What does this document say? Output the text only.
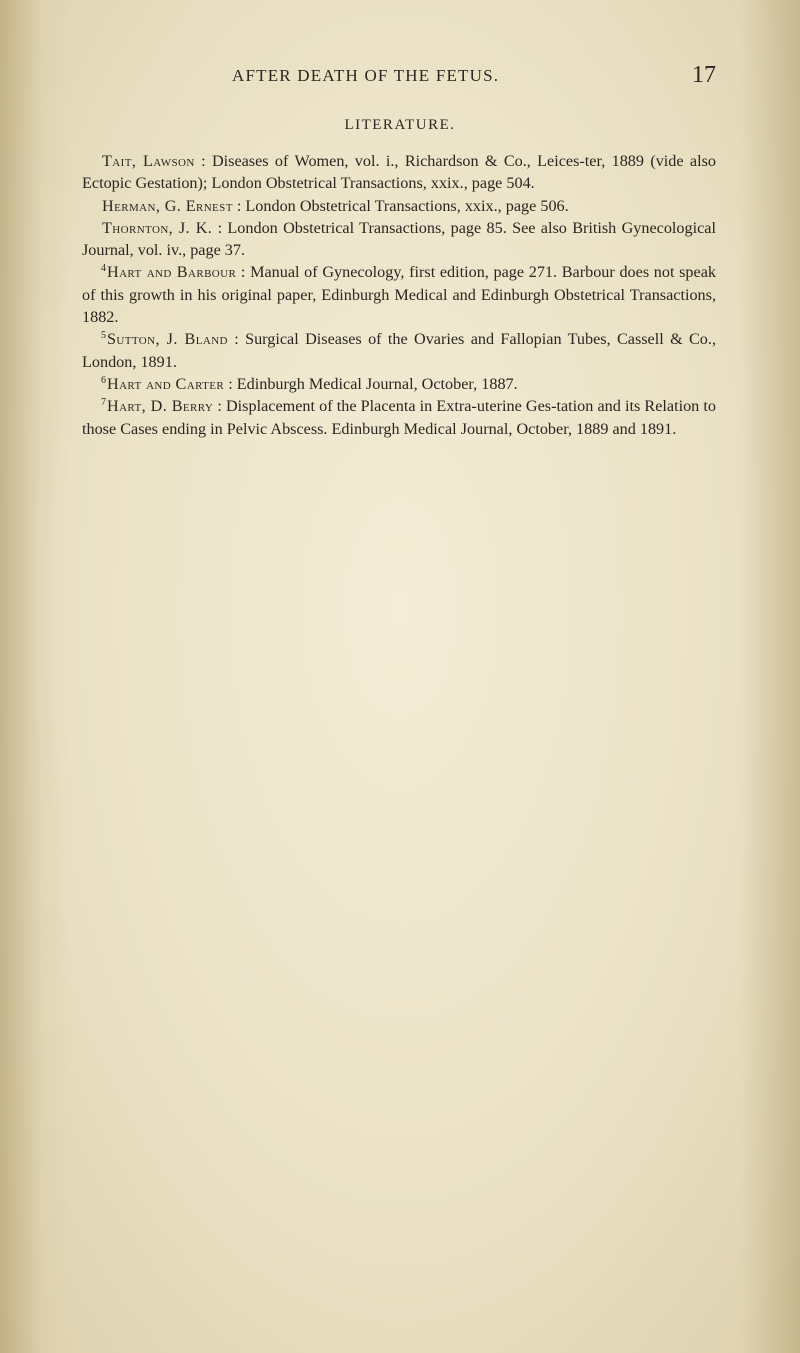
AFTER DEATH OF THE FETUS.	17
LITERATURE.

Tait, Lawson : Diseases of Women, vol. i., Richardson & Co., Leices-ter, 1889 (vide also Ectopic Gestation); London Obstetrical Transactions, xxix., page 504.

Herman, G. Ernest : London Obstetrical Transactions, xxix., page 506.

Thornton, J. K. : London Obstetrical Transactions, page 85. See also British Gynecological Journal, vol. iv., page 37.

$^4$Hart and Barbour : Manual of Gynecology, first edition, page 271. Barbour does not speak of this growth in his original paper, Edinburgh Medical and Edinburgh Obstetrical Transactions, 1882.

$^5$Sutton, J. Bland : Surgical Diseases of the Ovaries and Fallopian Tubes, Cassell & Co., London, 1891.

$^6$Hart and Carter : Edinburgh Medical Journal, October, 1887.

$^7$Hart, D. Berry : Displacement of the Placenta in Extra-uterine Ges-tation and its Relation to those Cases ending in Pelvic Abscess. Edinburgh Medical Journal, October, 1889 and 1891.
